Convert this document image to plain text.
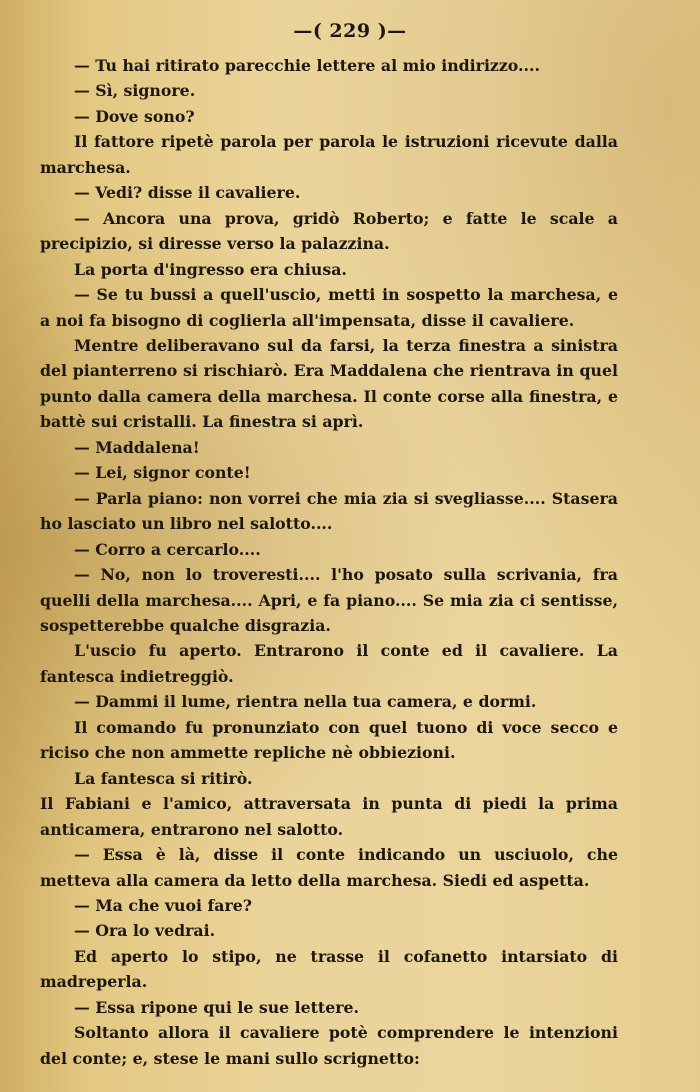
—( 229 )—

— Tu hai ritirato parecchie lettere al mio indirizzo....

— Sì, signore.

— Dove sono?

Il fattore ripetè parola per parola le istruzioni ricevute dalla marchesa.

— Vedi? disse il cavaliere.

— Ancora una prova, gridò Roberto; e fatte le scale a precipizio, si diresse verso la palazzina.

La porta d'ingresso era chiusa.

— Se tu bussi a quell'uscio, metti in sospetto la marchesa, e a noi fa bisogno di coglierla all'impensata, disse il cavaliere.

Mentre deliberavano sul da farsi, la terza finestra a sinistra del pianterreno si rischiarò. Era Maddalena che rientrava in quel punto dalla camera della marchesa. Il conte corse alla finestra, e battè sui cristalli. La finestra si aprì.

— Maddalena!

— Lei, signor conte!

— Parla piano: non vorrei che mia zia si svegliasse.... Stasera ho lasciato un libro nel salotto....

— Corro a cercarlo....

— No, non lo troveresti.... l'ho posato sulla scrivania, fra quelli della marchesa.... Apri, e fa piano.... Se mia zia ci sentisse, sospetterebbe qualche disgrazia.

L'uscio fu aperto. Entrarono il conte ed il cavaliere. La fantesca indietreggiò.

— Dammi il lume, rientra nella tua camera, e dormi.

Il comando fu pronunziato con quel tuono di voce secco e riciso che non ammette repliche nè obbiezioni.

La fantesca si ritirò.

Il Fabiani e l'amico, attraversata in punta di piedi la prima anticamera, entrarono nel salotto.

— Essa è là, disse il conte indicando un usciuolo, che metteva alla camera da letto della marchesa. Siedi ed aspetta.

— Ma che vuoi fare?

— Ora lo vedrai.

Ed aperto lo stipo, ne trasse il cofanetto intarsiato di madreperla.

— Essa ripone qui le sue lettere.

Soltanto allora il cavaliere potè comprendere le intenzioni del conte; e, stese le mani sullo scrignetto:
